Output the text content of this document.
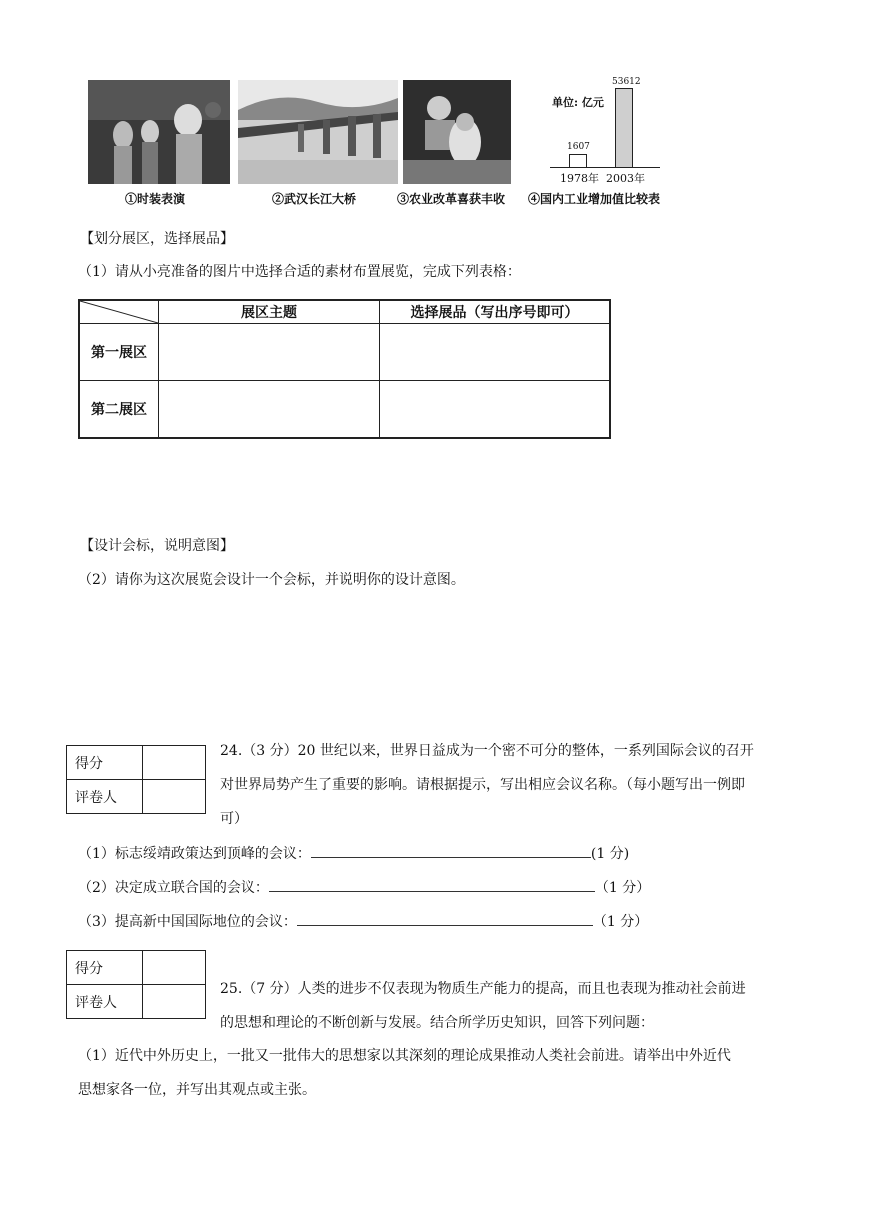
单位: 亿元
53612
1607
1978年 2003年
①时装表演	②武汉长江大桥	③农业改革喜获丰收 ④国内工业增加值比较表
【划分展区，选择展品】
（1）请从小亮准备的图片中选择合适的素材布置展览，完成下列表格：
	展区主题	选择展品（写出序号即可）
第一展区		
第二展区		
【设计会标，说明意图】
（2）请你为这次展览会设计一个会标，并说明你的设计意图。
得分	
评卷人	
24.（3 分）20 世纪以来，世界日益成为一个密不可分的整体，一系列国际会议的召开
对世界局势产生了重要的影响。请根据提示，写出相应会议名称。（每小题写出一例即
可）
（1）标志绥靖政策达到顶峰的会议：	(1 分)
（2）决定成立联合国的会议：	（1 分）
（3）提高新中国国际地位的会议：	（1 分）
得分	
评卷人	
25.（7 分）人类的进步不仅表现为物质生产能力的提高，而且也表现为推动社会前进
的思想和理论的不断创新与发展。结合所学历史知识，回答下列问题：
（1）近代中外历史上，一批又一批伟大的思想家以其深刻的理论成果推动人类社会前进。请举出中外近代
思想家各一位，并写出其观点或主张。
